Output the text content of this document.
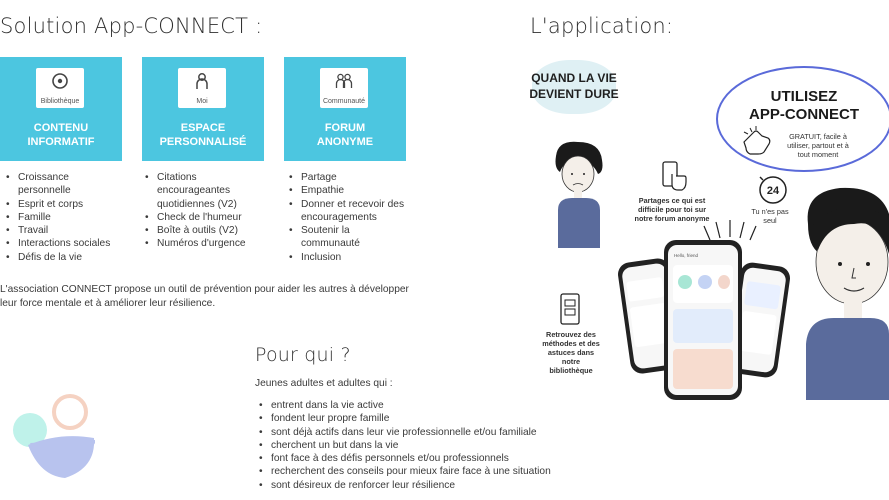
Solution App-CONNECT :	L'application:
Bibliothèque
CONTENU
INFORMATIF
Moi
ESPACE
PERSONNALISÉ
Communauté
FORUM
ANONYME
• Croissance personnelle
• Esprit et corps
• Famille
• Travail
• Interactions sociales
• Défis de la vie
• Citations encourageantes quotidiennes (V2)
• Check de l'humeur
• Boîte à outils (V2)
• Numéros d'urgence
• Partage
• Empathie
• Donner et recevoir des encouragements
• Soutenir la communauté
• Inclusion

L'association CONNECT propose un outil de prévention pour aider les autres à développer leur force mentale et à améliorer leur résilience.

Pour qui ?
Jeunes adultes et adultes qui :
• entrent dans la vie active
• fondent leur propre famille
• sont déjà actifs dans leur vie professionnelle et/ou familiale
• cherchent un but dans la vie
• font face à des défis personnels et/ou professionnels
• recherchent des conseils pour mieux faire face à une situation
• sont désireux de renforcer leur résilience
QUAND LA VIE
DEVIENT DURE	UTILISEZ
APP-CONNECT
GRATUIT, facile à utiliser, partout et à tout moment
Partages ce qui est difficile pour toi sur notre forum anonyme
24
Tu n'es pas seul
Retrouvez des méthodes et des astuces dans notre bibliothèque
Hello, friend
